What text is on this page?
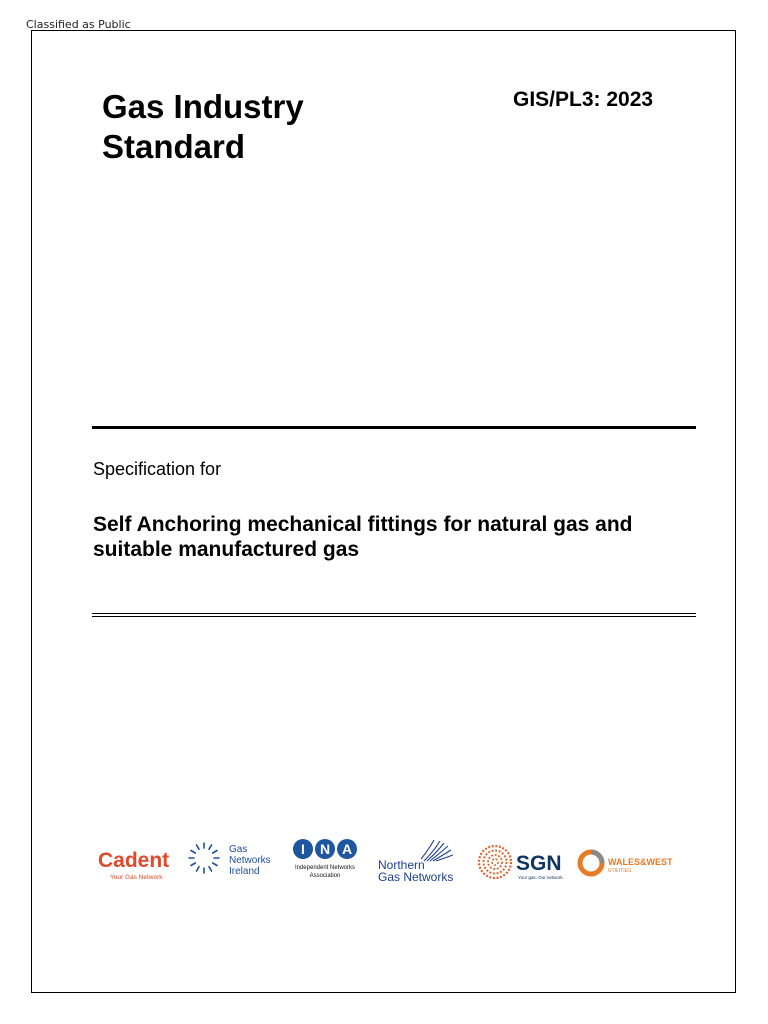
Classified as Public
Gas Industry
Standard
GIS/PL3: 2023
Specification for
Self Anchoring mechanical fittings for natural gas and
suitable manufactured gas
Cadent
Your Gas Network
Gas
Networks
Ireland
I N A
Independent Networks
Association
Northern
Gas Networks
SGN
Your gas. Our network
WALES&WEST
UTILITIES
